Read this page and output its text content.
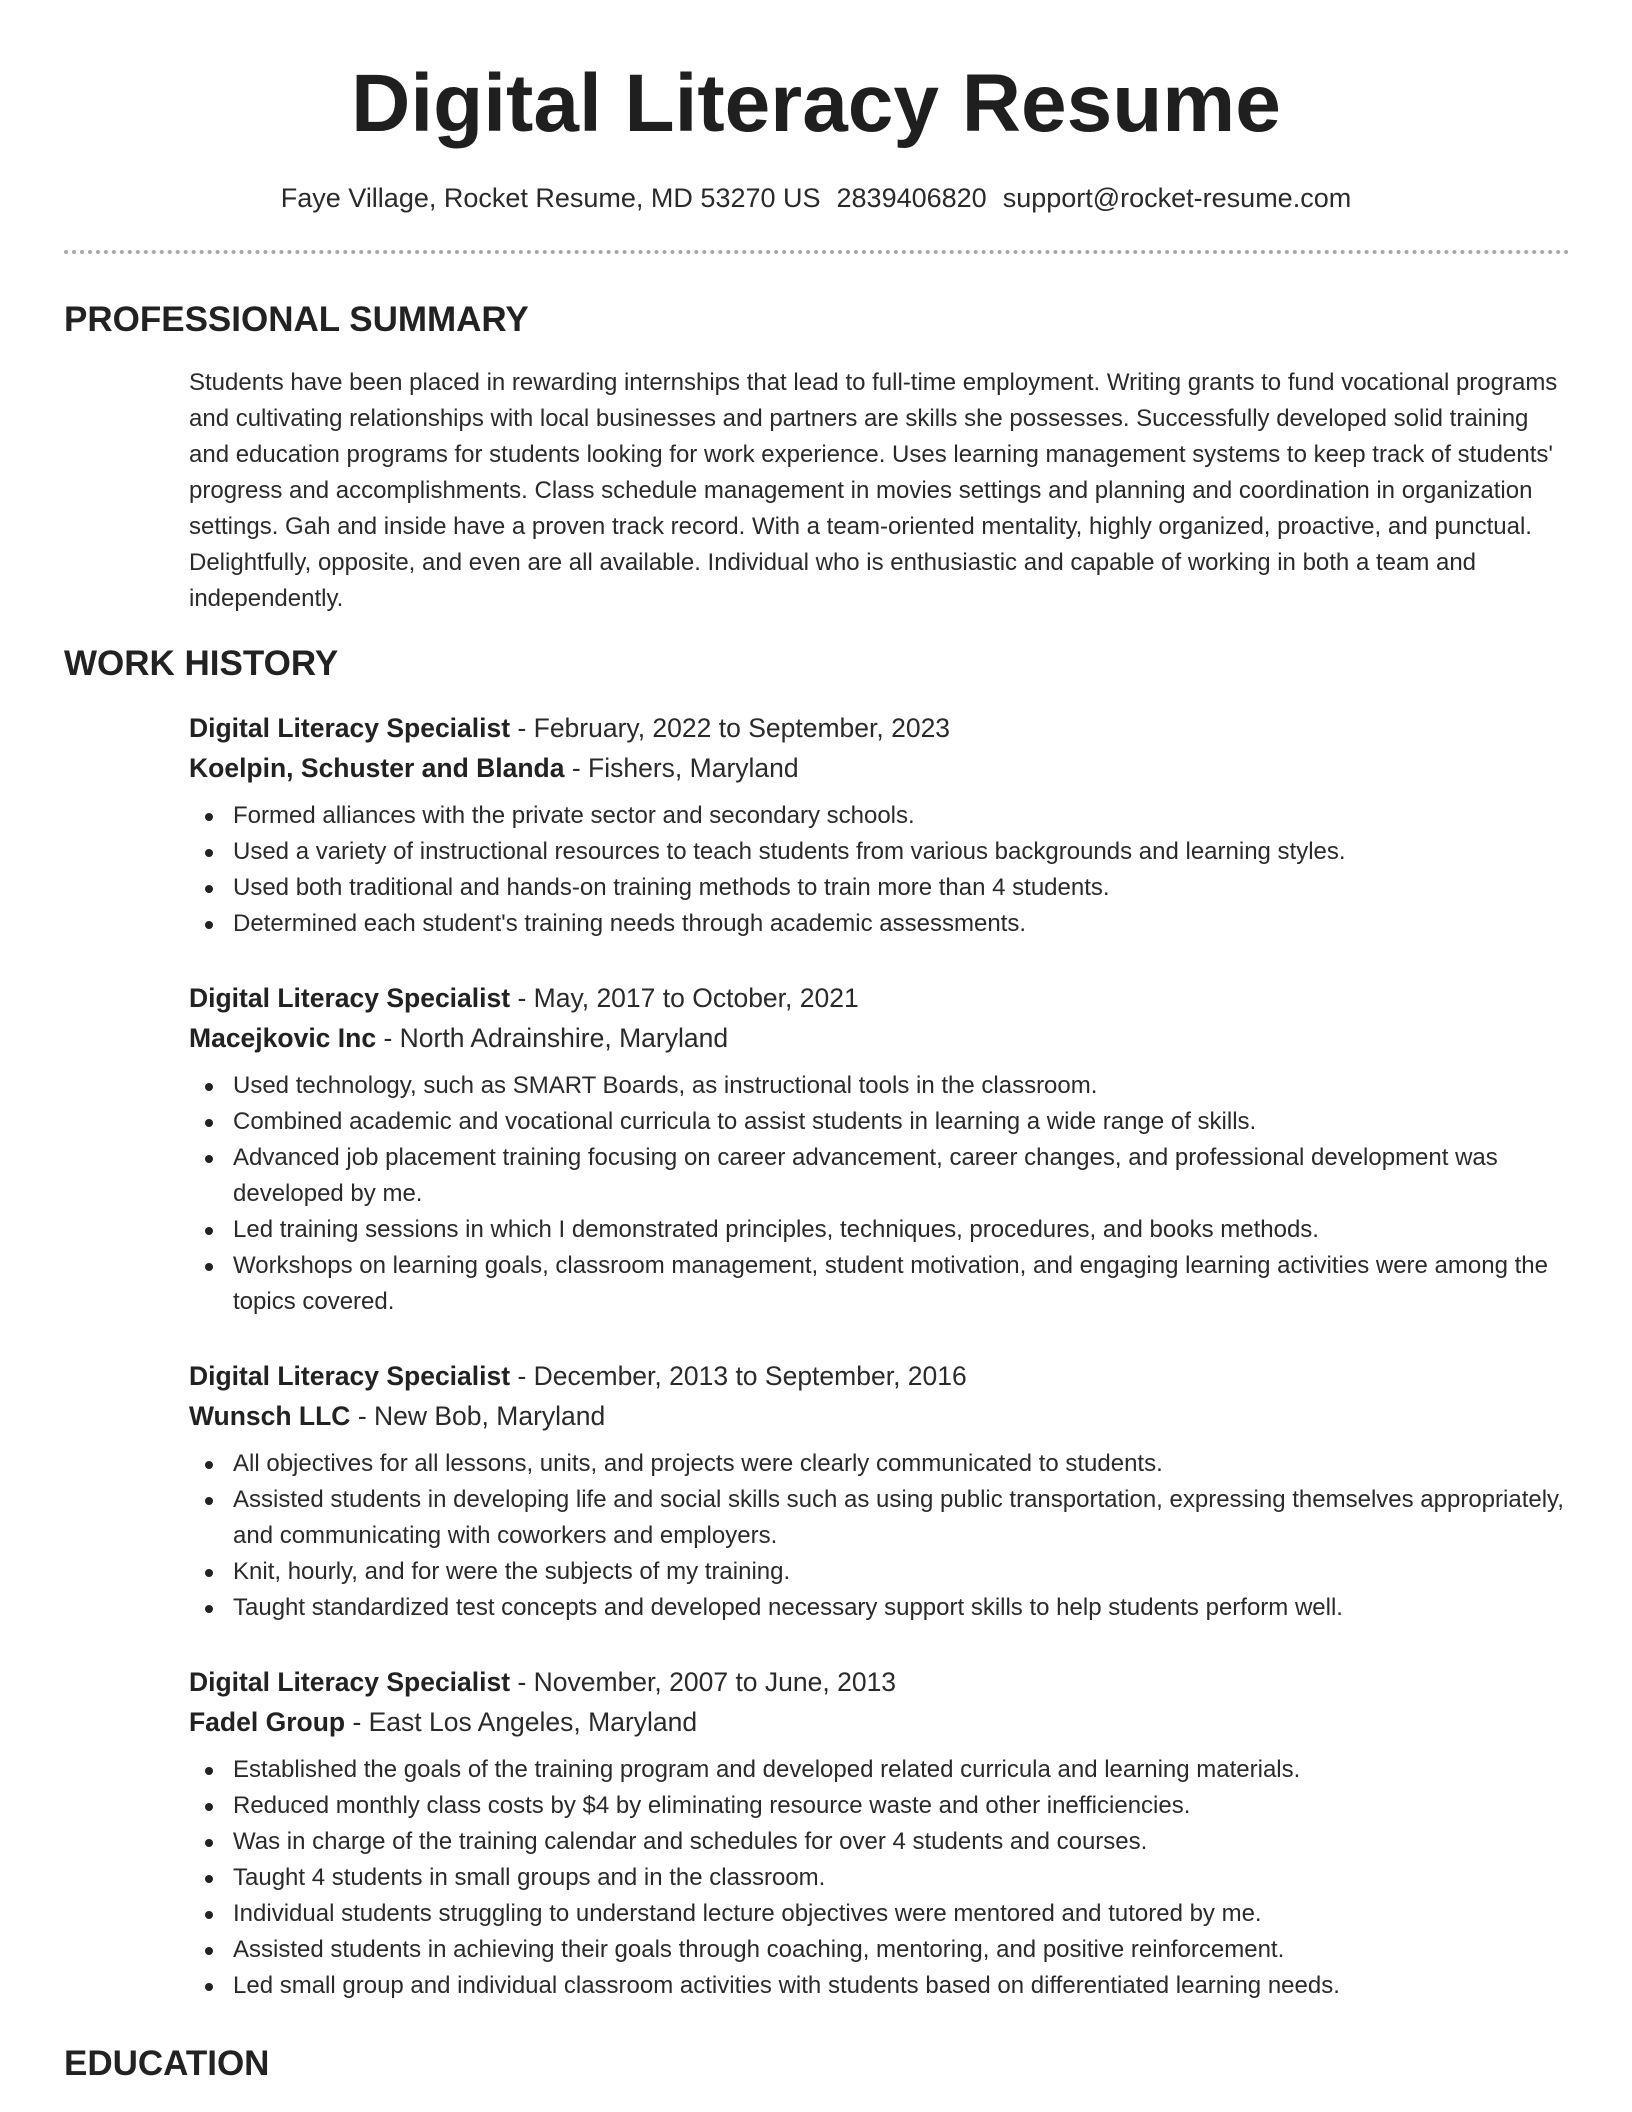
Digital Literacy Resume
Faye Village, Rocket Resume, MD 53270 US 2839406820 support@rocket-resume.com
PROFESSIONAL SUMMARY
Students have been placed in rewarding internships that lead to full-time employment. Writing grants to fund vocational programs and cultivating relationships with local businesses and partners are skills she possesses. Successfully developed solid training and education programs for students looking for work experience. Uses learning management systems to keep track of students' progress and accomplishments. Class schedule management in movies settings and planning and coordination in organization settings. Gah and inside have a proven track record. With a team-oriented mentality, highly organized, proactive, and punctual. Delightfully, opposite, and even are all available. Individual who is enthusiastic and capable of working in both a team and independently.
WORK HISTORY
Digital Literacy Specialist - February, 2022 to September, 2023
Koelpin, Schuster and Blanda - Fishers, Maryland
Formed alliances with the private sector and secondary schools.
Used a variety of instructional resources to teach students from various backgrounds and learning styles.
Used both traditional and hands-on training methods to train more than 4 students.
Determined each student's training needs through academic assessments.
Digital Literacy Specialist - May, 2017 to October, 2021
Macejkovic Inc - North Adrainshire, Maryland
Used technology, such as SMART Boards, as instructional tools in the classroom.
Combined academic and vocational curricula to assist students in learning a wide range of skills.
Advanced job placement training focusing on career advancement, career changes, and professional development was developed by me.
Led training sessions in which I demonstrated principles, techniques, procedures, and books methods.
Workshops on learning goals, classroom management, student motivation, and engaging learning activities were among the topics covered.
Digital Literacy Specialist - December, 2013 to September, 2016
Wunsch LLC - New Bob, Maryland
All objectives for all lessons, units, and projects were clearly communicated to students.
Assisted students in developing life and social skills such as using public transportation, expressing themselves appropriately, and communicating with coworkers and employers.
Knit, hourly, and for were the subjects of my training.
Taught standardized test concepts and developed necessary support skills to help students perform well.
Digital Literacy Specialist - November, 2007 to June, 2013
Fadel Group - East Los Angeles, Maryland
Established the goals of the training program and developed related curricula and learning materials.
Reduced monthly class costs by $4 by eliminating resource waste and other inefficiencies.
Was in charge of the training calendar and schedules for over 4 students and courses.
Taught 4 students in small groups and in the classroom.
Individual students struggling to understand lecture objectives were mentored and tutored by me.
Assisted students in achieving their goals through coaching, mentoring, and positive reinforcement.
Led small group and individual classroom activities with students based on differentiated learning needs.
EDUCATION
